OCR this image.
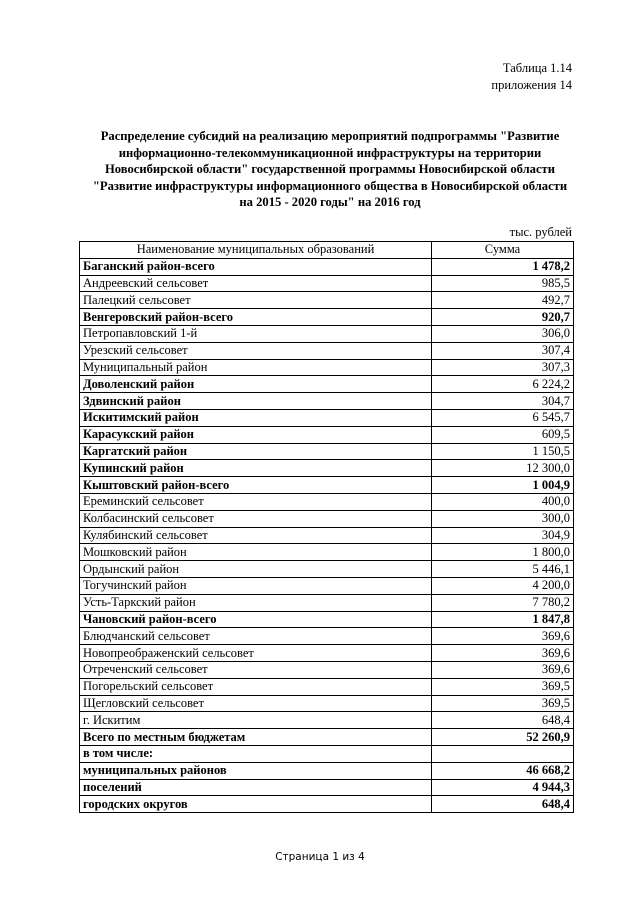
Таблица 1.14
приложения 14
Распределение субсидий на реализацию мероприятий подпрограммы "Развитие
информационно-телекоммуникационной инфраструктуры на территории
Новосибирской области" государственной программы Новосибирской области
"Развитие инфраструктуры информационного общества в Новосибирской области
на 2015 - 2020 годы" на 2016 год
тыс. рублей
Наименование муниципальных образований	Сумма
Баганский район-всего	1 478,2
Андреевский сельсовет	985,5
Палецкий сельсовет	492,7
Венгеровский район-всего	920,7
Петропавловский 1-й	306,0
Урезский сельсовет	307,4
Муниципальный район	307,3
Доволенский район	6 224,2
Здвинский район	304,7
Искитимский район	6 545,7
Карасукский район	609,5
Каргатский район	1 150,5
Купинский район	12 300,0
Кыштовский район-всего	1 004,9
Ереминский сельсовет	400,0
Колбасинский сельсовет	300,0
Кулябинский сельсовет	304,9
Мошковский район	1 800,0
Ордынский район	5 446,1
Тогучинский район	4 200,0
Усть-Таркский район	7 780,2
Чановский район-всего	1 847,8
Блюдчанский сельсовет	369,6
Новопреображенский сельсовет	369,6
Отреченский сельсовет	369,6
Погорельский сельсовет	369,5
Щегловский сельсовет	369,5
г. Искитим	648,4
Всего по местным бюджетам	52 260,9
в том числе:	
муниципальных районов	46 668,2
поселений	4 944,3
городских округов	648,4
Страница 1 из 4
